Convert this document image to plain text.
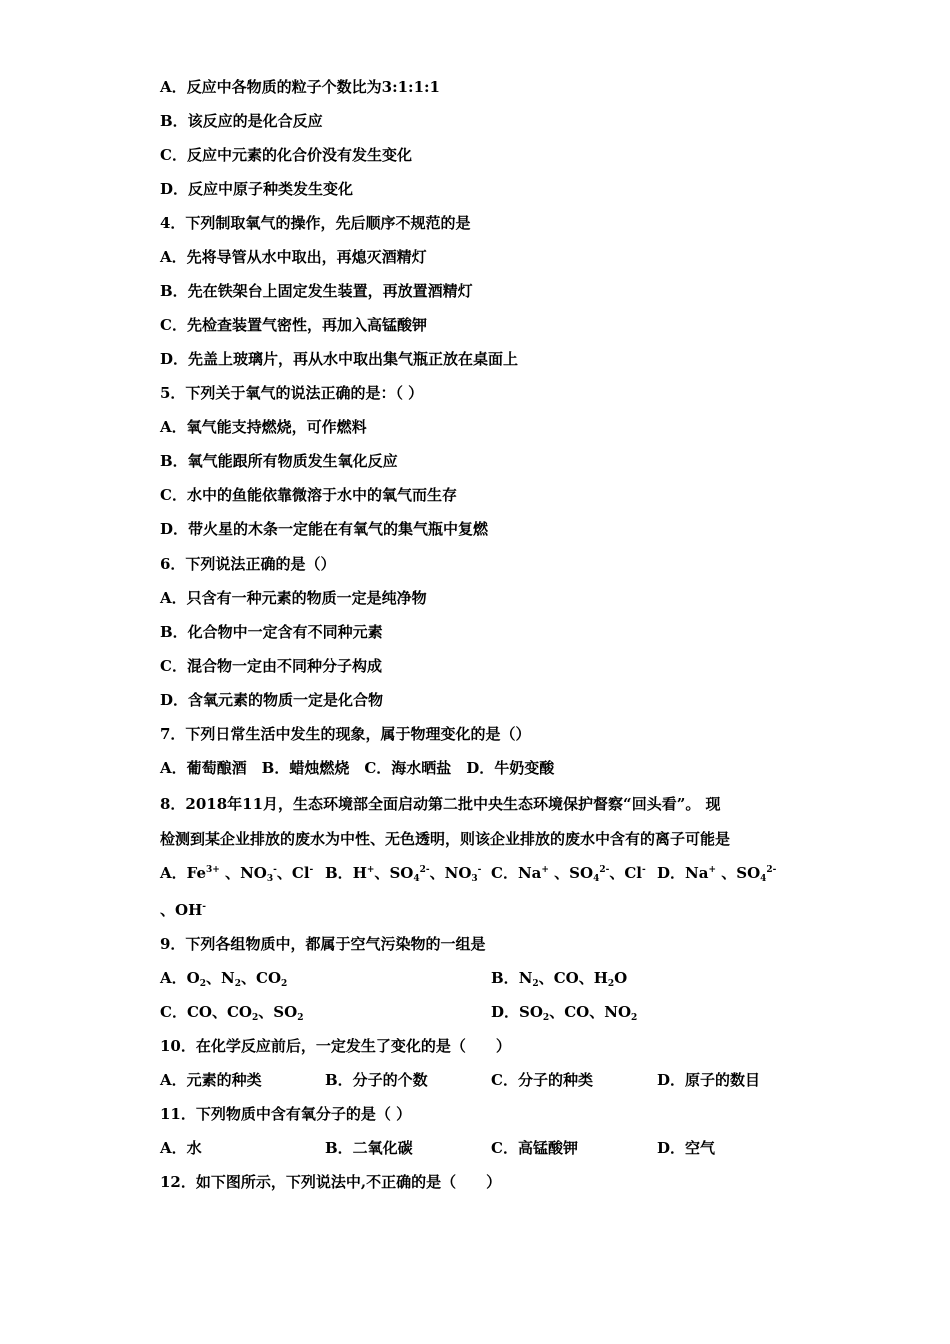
A．反应中各物质的粒子个数比为3:1:1:1
B．该反应的是化合反应
C．反应中元素的化合价没有发生变化
D．反应中原子种类发生变化
4．下列制取氧气的操作，先后顺序不规范的是
A．先将导管从水中取出，再熄灭酒精灯
B．先在铁架台上固定发生装置，再放置酒精灯
C．先检查装置气密性，再加入高锰酸钾
D．先盖上玻璃片，再从水中取出集气瓶正放在桌面上
5．下列关于氧气的说法正确的是：（ ）
A．氧气能支持燃烧，可作燃料
B．氧气能跟所有物质发生氧化反应
C．水中的鱼能依靠微溶于水中的氧气而生存
D．带火星的木条一定能在有氧气的集气瓶中复燃
6．下列说法正确的是（）
A．只含有一种元素的物质一定是纯净物
B．化合物中一定含有不同种元素
C．混合物一定由不同种分子构成
D．含氧元素的物质一定是化合物
7．下列日常生活中发生的现象，属于物理变化的是（）
A．葡萄酿酒　B．蜡烛燃烧　C．海水晒盐　D．牛奶变酸
8．2018年11月，生态环境部全面启动第二批中央生态环境保护督察“回头看”。 现
检测到某企业排放的废水为中性、无色透明，则该企业排放的废水中含有的离子可能是
A．$Fe^{3+}$ 、$NO_3^-$、Cl- B．H+、$SO_4^{2-}$、$NO_3^-$ C．Na+ 、$SO_4^{2-}$、Cl- D．Na+ 、$SO_4^{2-}$
、OH-
9．下列各组物质中，都属于空气污染物的一组是
A．$O_2$、$N_2$、$CO_2$	B．$N_2$、CO、$H_2O$
C．CO、$CO_2$、$SO_2$	D．$SO_2$、CO、$NO_2$
10．在化学反应前后，一定发生了变化的是（　　）
A．元素的种类	B．分子的个数	C．分子的种类	D．原子的数目
11．下列物质中含有氧分子的是（ ）
A．水	B．二氧化碳	C．高锰酸钾	D．空气
12．如下图所示，下列说法中,不正确的是（　　）
